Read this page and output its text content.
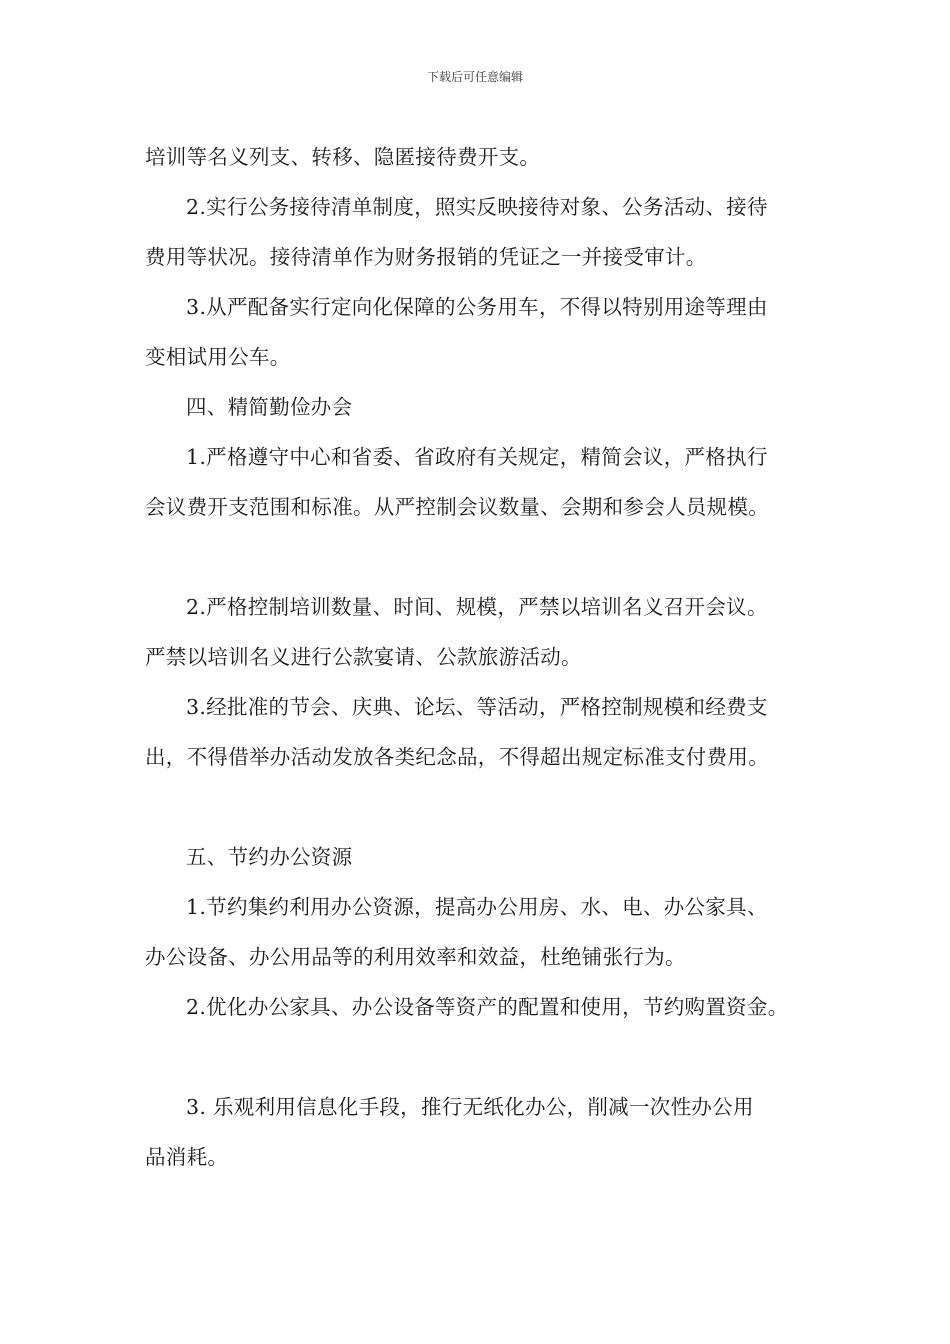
下载后可任意编辑
培训等名义列支、转移、隐匿接待费开支。
2.实行公务接待清单制度，照实反映接待对象、公务活动、接待
费用等状况。接待清单作为财务报销的凭证之一并接受审计。
3.从严配备实行定向化保障的公务用车，不得以特别用途等理由
变相试用公车。
四、精简勤俭办会
1.严格遵守中心和省委、省政府有关规定，精简会议，严格执行
会议费开支范围和标准。从严控制会议数量、会期和参会人员规模。
2.严格控制培训数量、时间、规模，严禁以培训名义召开会议。
严禁以培训名义进行公款宴请、公款旅游活动。
3.经批准的节会、庆典、论坛、等活动，严格控制规模和经费支
出，不得借举办活动发放各类纪念品，不得超出规定标准支付费用。
五、节约办公资源
1.节约集约利用办公资源，提高办公用房、水、电、办公家具、
办公设备、办公用品等的利用效率和效益，杜绝铺张行为。
2.优化办公家具、办公设备等资产的配置和使用，节约购置资金。
3. 乐观利用信息化手段，推行无纸化办公，削减一次性办公用
品消耗。
